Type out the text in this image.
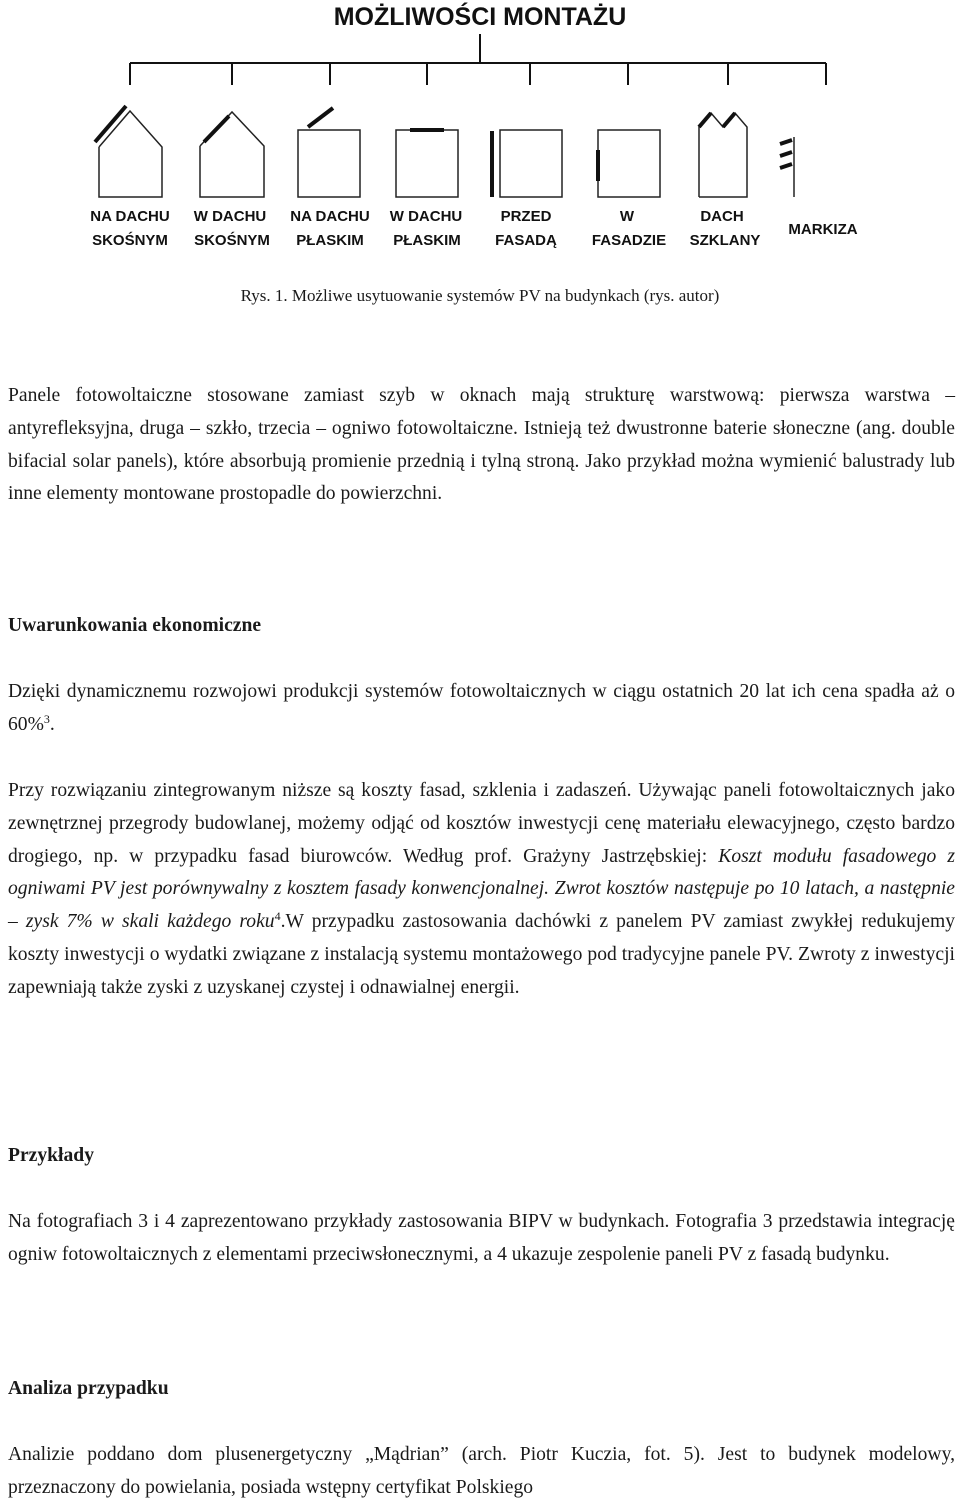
MOŻLIWOŚCI MONTAŻU
NA DACHU
SKOŚNYM
W DACHU
SKOŚNYM
NA DACHU
PŁASKIM
W DACHU
PŁASKIM
PRZED
FASADĄ
W
FASADZIE
DACH
SZKLANY
MARKIZA
Rys. 1. Możliwe usytuowanie systemów PV na budynkach (rys. autor)

Panele fotowoltaiczne stosowane zamiast szyb w oknach mają strukturę warstwową: pierwsza warstwa – antyrefleksyjna, druga – szkło, trzecia – ogniwo fotowoltaiczne. Istnieją też dwustronne baterie słoneczne (ang. double bifacial solar panels), które absorbują promienie przednią i tylną stroną. Jako przykład można wymienić balustrady lub inne elementy montowane prostopadle do powierzchni.

Uwarunkowania ekonomiczne

Dzięki dynamicznemu rozwojowi produkcji systemów fotowoltaicznych w ciągu ostatnich 20 lat ich cena spadła aż o 60%$^3$.

Przy rozwiązaniu zintegrowanym niższe są koszty fasad, szklenia i zadaszeń. Używając paneli fotowoltaicznych jako zewnętrznej przegrody budowlanej, możemy odjąć od kosztów inwestycji cenę materiału elewacyjnego, często bardzo drogiego, np. w przypadku fasad biurowców. Według prof. Grażyny Jastrzębskiej: Koszt modułu fasadowego z ogniwami PV jest porównywalny z kosztem fasady konwencjonalnej. Zwrot kosztów następuje po 10 latach, a następnie – zysk 7% w skali każdego roku$^4$.W przypadku zastosowania dachówki z panelem PV zamiast zwykłej redukujemy koszty inwestycji o wydatki związane z instalacją systemu montażowego pod tradycyjne panele PV. Zwroty z inwestycji zapewniają także zyski z uzyskanej czystej i odnawialnej energii.

Przykłady

Na fotografiach 3 i 4 zaprezentowano przykłady zastosowania BIPV w budynkach. Fotografia 3 przedstawia integrację ogniw fotowoltaicznych z elementami przeciwsłonecznymi, a 4 ukazuje zespolenie paneli PV z fasadą budynku.

Analiza przypadku

Analizie poddano dom plusenergetyczny „Mądrian” (arch. Piotr Kuczia, fot. 5). Jest to budynek modelowy, przeznaczony do powielania, posiada wstępny certyfikat Polskiego
